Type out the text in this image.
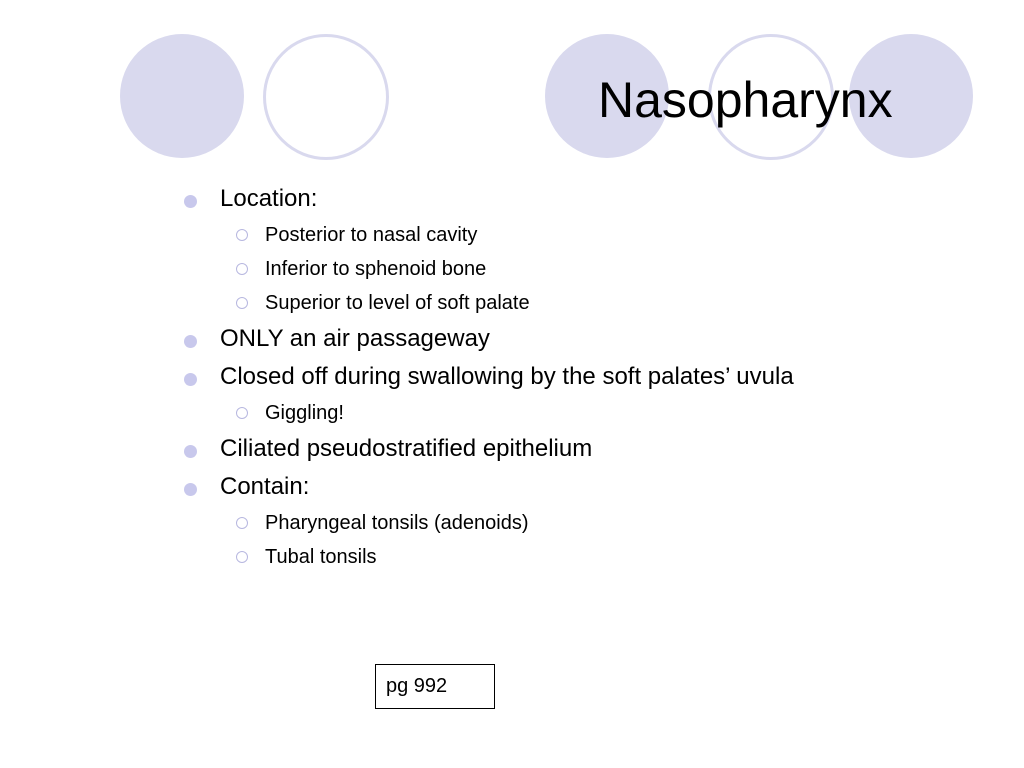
Nasopharynx
Location:
Posterior to nasal cavity
Inferior to sphenoid bone
Superior to level of soft palate
ONLY an air passageway
Closed off during swallowing by the soft palates’ uvula
Giggling!
Ciliated pseudostratified epithelium
Contain:
Pharyngeal tonsils (adenoids)
Tubal tonsils
pg 992
